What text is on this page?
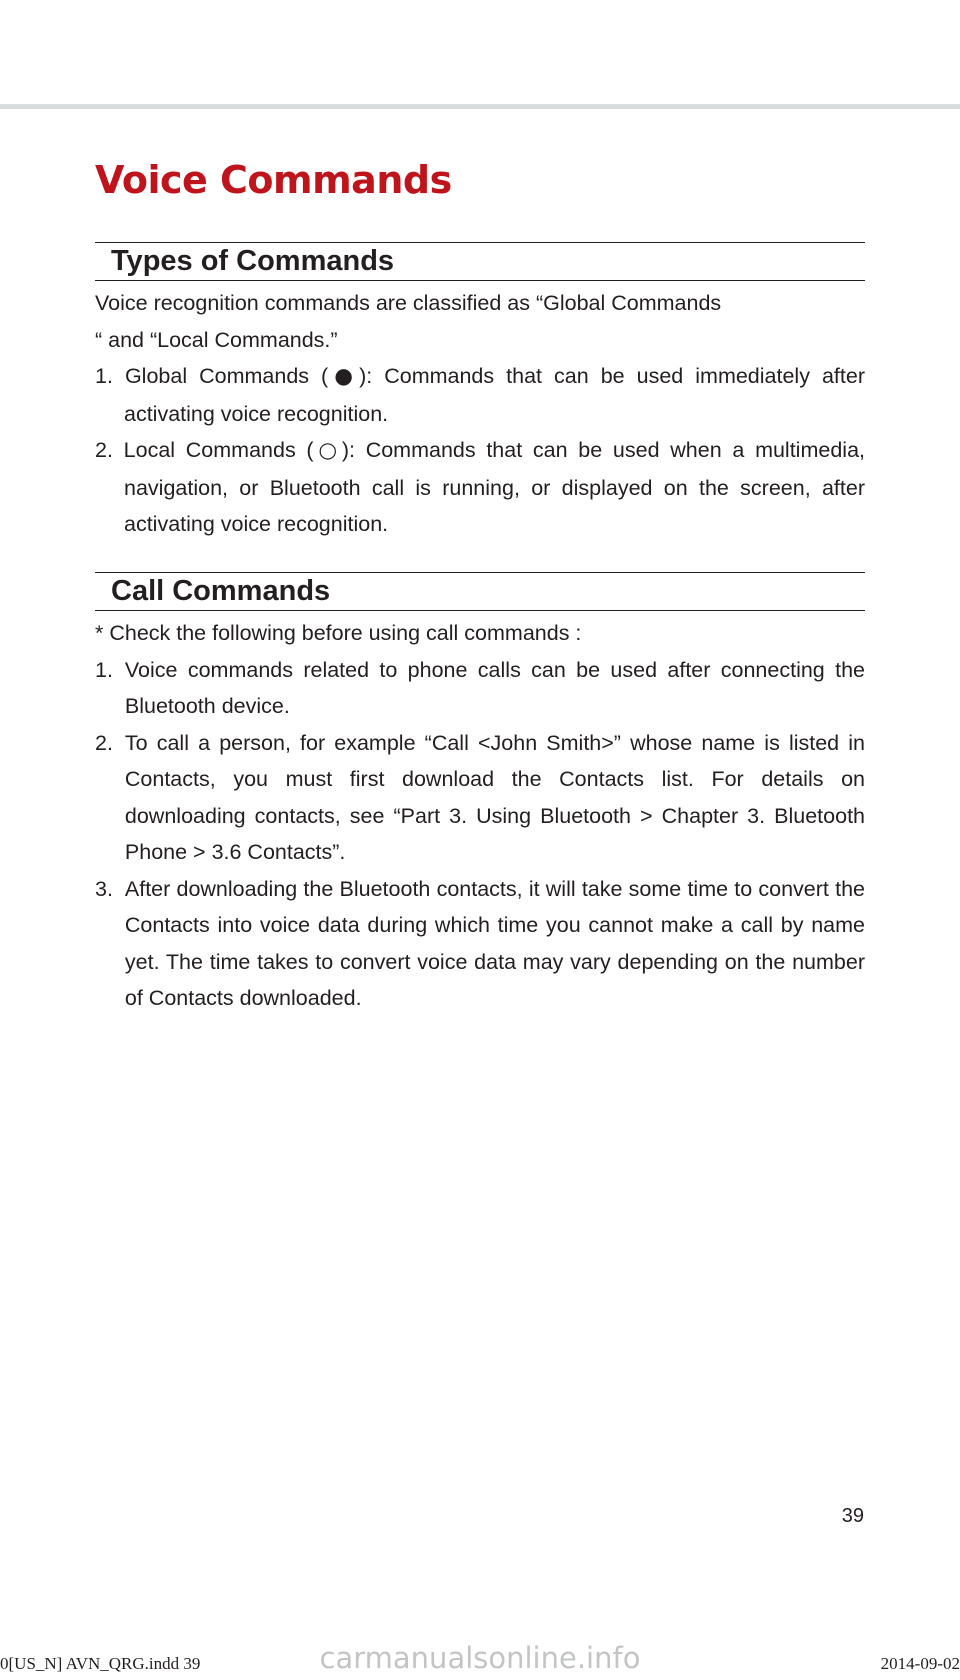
Voice Commands
Types of Commands
Voice recognition commands are classified as “Global Commands
“ and “Local Commands.”
1. Global Commands (●): Commands that can be used immediately after activating voice recognition.
2. Local Commands (○): Commands that can be used when a multimedia, navigation, or Bluetooth call is running, or displayed on the screen, after activating voice recognition.
Call Commands
* Check the following before using call commands :
1. Voice commands related to phone calls can be used after connecting the Bluetooth device.
2. To call a person, for example “Call <John Smith>” whose name is listed in Contacts, you must first download the Contacts list. For details on downloading contacts, see “Part 3. Using Bluetooth > Chapter 3. Bluetooth Phone > 3.6 Contacts”.
3. After downloading the Bluetooth contacts, it will take some time to convert the Contacts into voice data during which time you cannot make a call by name yet. The time takes to convert voice data may vary depending on the number of Contacts downloaded.
39
carmanualsonline.info
0[US_N] AVN_QRG.indd 39	2014-09-02
